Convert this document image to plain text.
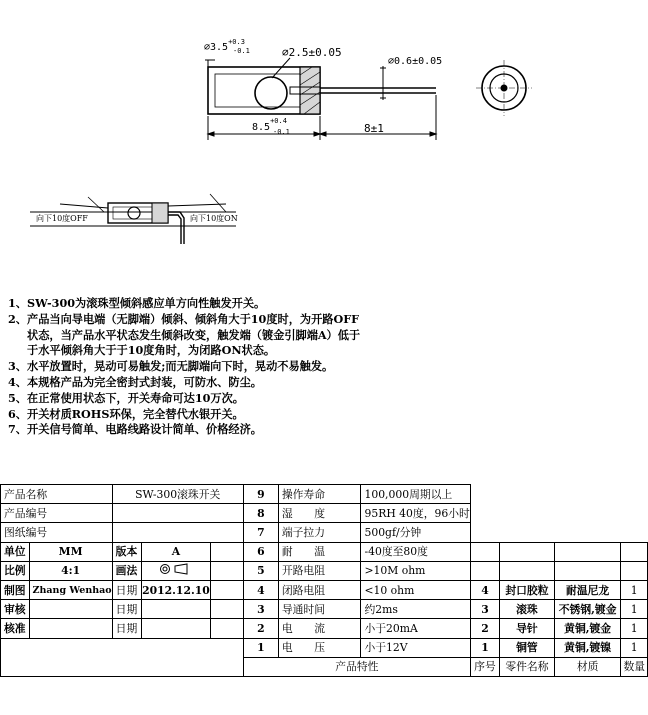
$\emptyset 3.5^{+0.3}$
-0.1	∅2.5±0.05
∅0.6±0.05
$8.5^{+0.4}$
-0.1	8±1
向下10度OFF	向下10度ON
1、 SW-300为滚珠型倾斜感应单方向性触发开关。
2、 产品当向导电端（无脚端）倾斜、倾斜角大于10度时，为开路OFF状态，当产品水平状态发生倾斜改变，触发端（镀金引脚端A）低于于水平倾斜角大于于10度角时，为闭路ON状态。
3、 水平放置时，晃动可易触发;而无脚端向下时，晃动不易触发。
4、 本规格产品为完全密封式封装，可防水、防尘。
5、 在正常使用状态下，开关寿命可达10万次。
6、 开关材质ROHS环保，完全替代水银开关。
7、 开关信号简单、电路线路设计简单、价格经济。
产品名称		SW-300滚珠开关			9	操作寿命	100,000周期以上				
产品编号					8	湿　　度	95RH 40度，96小时				
图纸编号					7	端子拉力	500gf/分钟				
单位	MM	版本	A		6	耐　　温	-40度至80度				
比例	4:1	画法			5	开路电阻	>10M ohm				
制图	Zhang Wenhao	日期	2012.12.10		4	闭路电阻	<10 ohm	4	封口胶粒	耐温尼龙	1
审核		日期			3	导通时间	约2ms	3	滚珠	不锈钢,镀金	1
核准		日期			2	电　　流	小于20mA	2	导针	黄铜,镀金	1
					1	电　　压	小于12V	1	铜管	黄铜,镀镍	1
					产品特性			序号	零件名称	材质	数量
